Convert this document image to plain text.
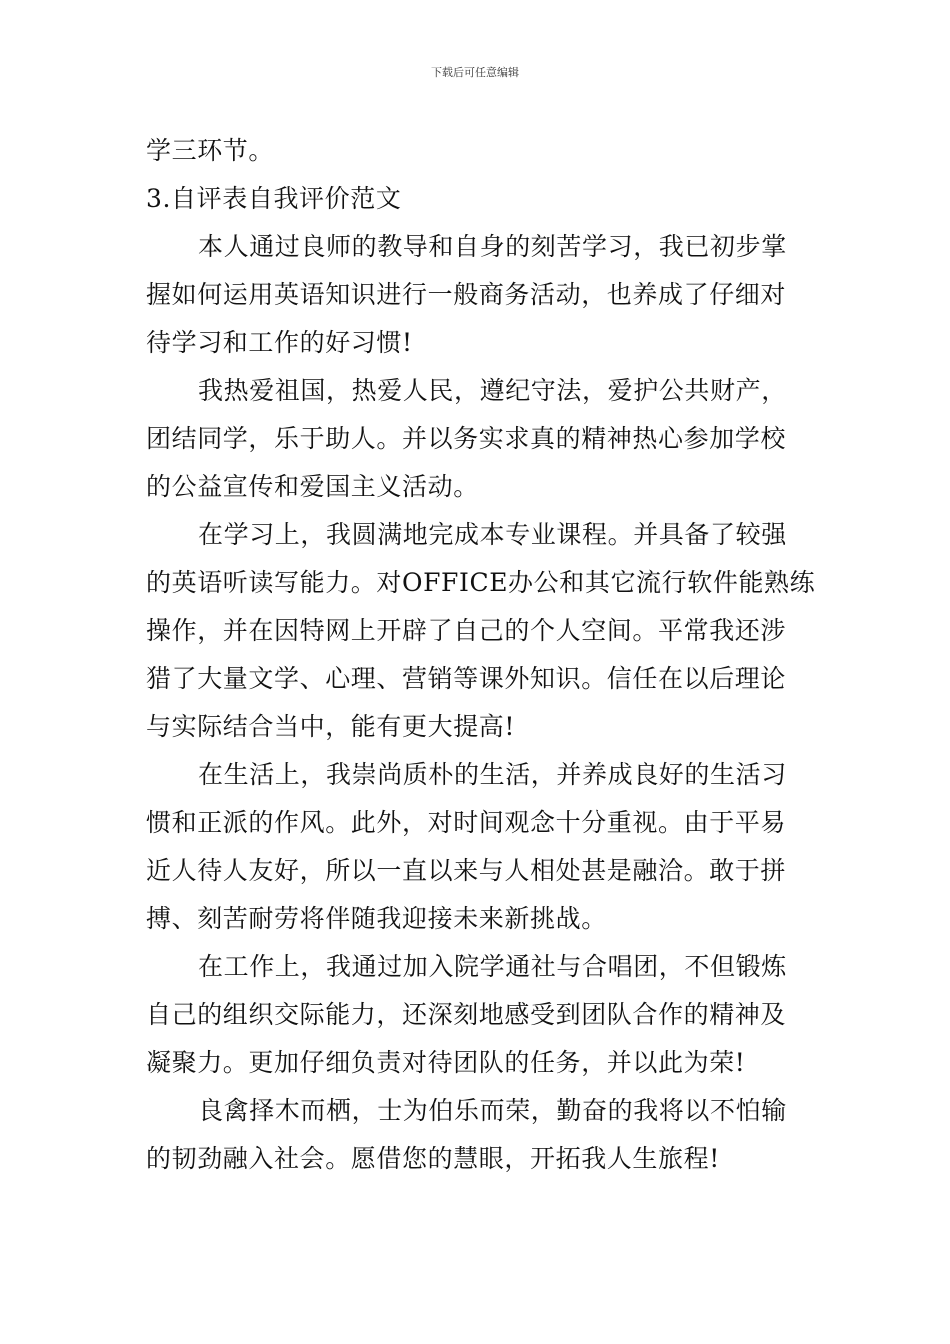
下载后可任意编辑
学三环节。
3.自评表自我评价范文
本人通过良师的教导和自身的刻苦学习，我已初步掌
握如何运用英语知识进行一般商务活动，也养成了仔细对
待学习和工作的好习惯!
我热爱祖国，热爱人民，遵纪守法，爱护公共财产，
团结同学，乐于助人。并以务实求真的精神热心参加学校
的公益宣传和爱国主义活动。
在学习上，我圆满地完成本专业课程。并具备了较强
的英语听读写能力。对OFFICE办公和其它流行软件能熟练
操作，并在因特网上开辟了自己的个人空间。平常我还涉
猎了大量文学、心理、营销等课外知识。信任在以后理论
与实际结合当中，能有更大提高!
在生活上，我崇尚质朴的生活，并养成良好的生活习
惯和正派的作风。此外，对时间观念十分重视。由于平易
近人待人友好，所以一直以来与人相处甚是融洽。敢于拼
搏、刻苦耐劳将伴随我迎接未来新挑战。
在工作上，我通过加入院学通社与合唱团，不但锻炼
自己的组织交际能力，还深刻地感受到团队合作的精神及
凝聚力。更加仔细负责对待团队的任务，并以此为荣!
良禽择木而栖，士为伯乐而荣，勤奋的我将以不怕输
的韧劲融入社会。愿借您的慧眼，开拓我人生旅程!
